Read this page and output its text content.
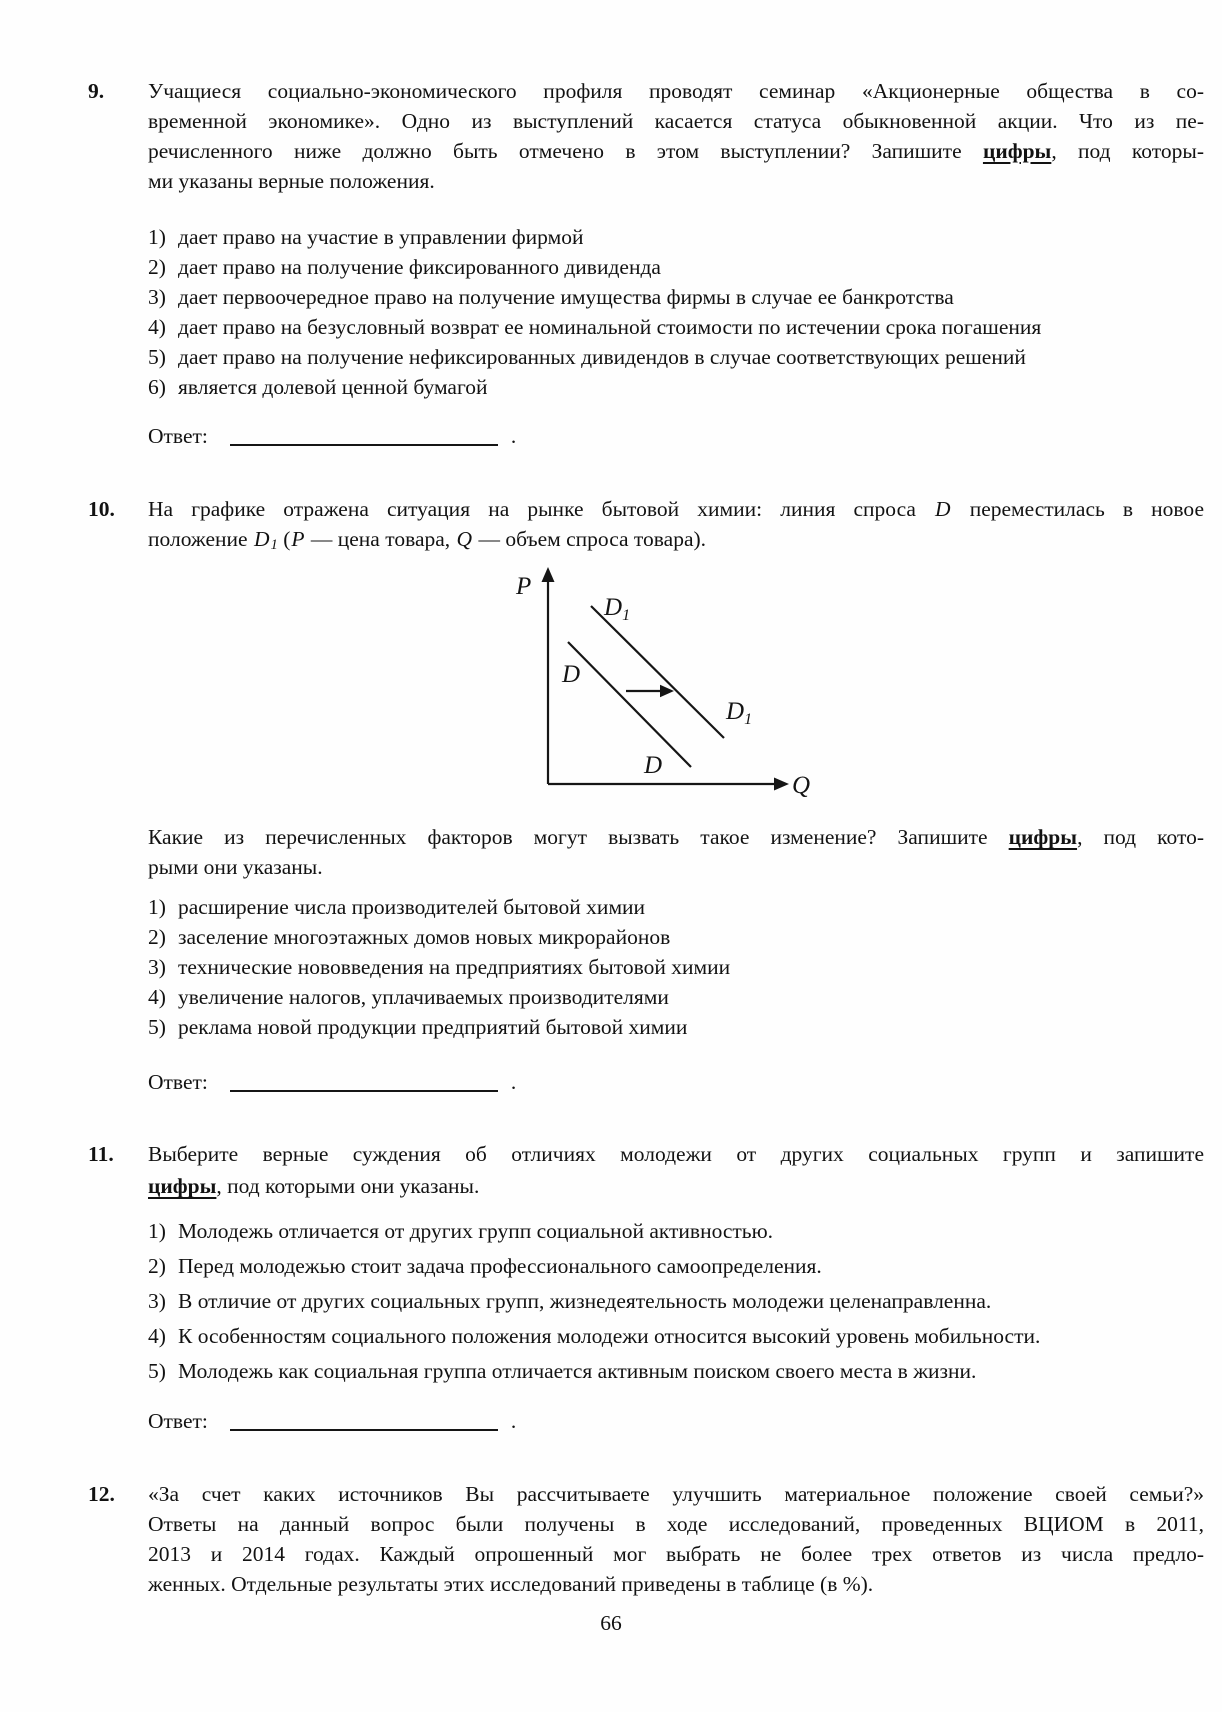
9.	Учащиеся социально-экономического профиля проводят семинар «Акционерные общества в со-
временной экономике». Одно из выступлений касается статуса обыкновенной акции. Что из пе-
речисленного ниже должно быть отмечено в этом выступлении? Запишите цифры, под которы-
ми указаны верные положения.
1) дает право на участие в управлении фирмой
2) дает право на получение фиксированного дивиденда
3) дает первоочередное право на получение имущества фирмы в случае ее банкротства
4) дает право на безусловный возврат ее номинальной стоимости по истечении срока погашения
5) дает право на получение нефиксированных дивидендов в случае соответствующих решений
6) является долевой ценной бумагой
Ответ:	.
10.	На графике отражена ситуация на рынке бытовой химии: линия спроса D переместилась в новое
положение D1 (P — цена товара, Q — объем спроса товара).
P
Q
$D_1$
D
$D_1$
D
Какие из перечисленных факторов могут вызвать такое изменение? Запишите цифры, под кото-
рыми они указаны.
1) расширение числа производителей бытовой химии
2) заселение многоэтажных домов новых микрорайонов
3) технические нововведения на предприятиях бытовой химии
4) увеличение налогов, уплачиваемых производителями
5) реклама новой продукции предприятий бытовой химии
Ответ:	.
11.	Выберите верные суждения об отличиях молодежи от других социальных групп и запишите
цифры, под которыми они указаны.
1) Молодежь отличается от других групп социальной активностью.
2) Перед молодежью стоит задача профессионального самоопределения.
3) В отличие от других социальных групп, жизнедеятельность молодежи целенаправленна.
4) К особенностям социального положения молодежи относится высокий уровень мобильности.
5) Молодежь как социальная группа отличается активным поиском своего места в жизни.
Ответ:	.
12.	«За счет каких источников Вы рассчитываете улучшить материальное положение своей семьи?»
Ответы на данный вопрос были получены в ходе исследований, проведенных ВЦИОМ в 2011,
2013 и 2014 годах. Каждый опрошенный мог выбрать не более трех ответов из числа предло-
женных. Отдельные результаты этих исследований приведены в таблице (в %).
66
